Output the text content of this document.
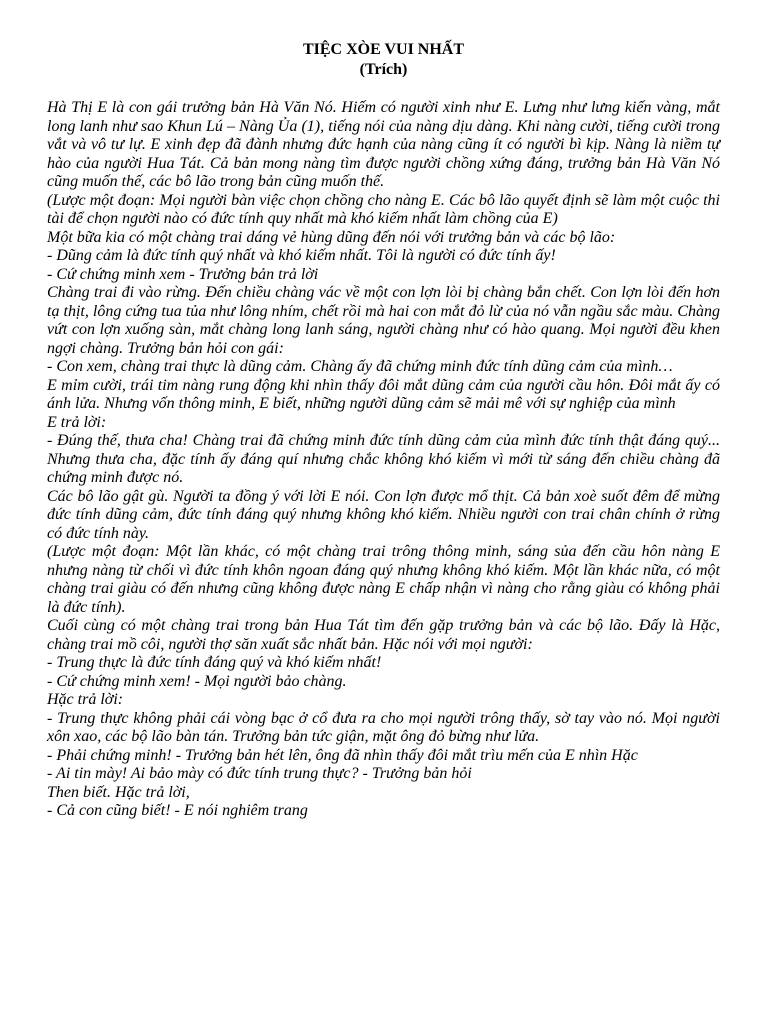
TIỆC XÒE VUI NHẤT
(Trích)

Hà Thị E là con gái trưởng bản Hà Văn Nó. Hiếm có người xinh như E. Lưng như lưng kiến vàng, mắt long lanh như sao Khun Lú – Nàng Ủa (1), tiếng nói của nàng dịu dàng. Khi nàng cười, tiếng cười trong vắt và vô tư lự. E xinh đẹp đã đành nhưng đức hạnh của nàng cũng ít có người bì kịp. Nàng là niềm tự hào của người Hua Tát. Cả bản mong nàng tìm được người chồng xứng đáng, trưởng bản Hà Văn Nó cũng muốn thế, các bô lão trong bản cũng muốn thế.

(Lược một đoạn: Mọi người bàn việc chọn chồng cho nàng E. Các bô lão quyết định sẽ làm một cuộc thi tài để chọn người nào có đức tính quy nhất mà khó kiếm nhất làm chồng của E)

Một bữa kia có một chàng trai dáng vẻ hùng dũng đến nói với trưởng bản và các bộ lão:

- Dũng cảm là đức tính quý nhất và khó kiếm nhất. Tôi là người có đức tính ấy!

- Cứ chứng minh xem - Trưởng bản trả lời

Chàng trai đi vào rừng. Đến chiều chàng vác về một con lợn lòi bị chàng bắn chết. Con lợn lòi đến hơn tạ thịt, lông cứng tua tủa như lông nhím, chết rồi mà hai con mắt đỏ lừ của nó vẫn ngầu sắc màu. Chàng vứt con lợn xuống sàn, mắt chàng long lanh sáng, người chàng như có hào quang. Mọi người đều khen ngợi chàng. Trưởng bản hỏi con gái:

- Con xem, chàng trai thực là dũng cảm. Chàng ấy đã chứng minh đức tính dũng cảm của mình…

E mỉm cười, trái tim nàng rung động khi nhìn thấy đôi mắt dũng cảm của người cầu hôn. Đôi mắt ấy có ánh lửa. Nhưng vốn thông minh, E biết, những người dũng cảm sẽ mải mê với sự nghiệp của mình

E trả lời:

- Đúng thế, thưa cha! Chàng trai đã chứng minh đức tính dũng cảm của mình đức tính thật đáng quý... Nhưng thưa cha, đặc tính ấy đáng quí nhưng chắc không khó kiếm vì mới từ sáng đến chiều chàng đã chứng minh được nó.

Các bô lão gật gù. Người ta đồng ý với lời E nói. Con lợn được mổ thịt. Cả bản xoè suốt đêm để mừng đức tính dũng cảm, đức tính đáng quý nhưng không khó kiếm. Nhiều người con trai chân chính ở rừng có đức tính này.

(Lược một đoạn: Một lần khác, có một chàng trai trông thông minh, sáng sủa đến cầu hôn nàng E nhưng nàng từ chối vì đức tính khôn ngoan đáng quý nhưng không khó kiếm. Một lần khác nữa, có một chàng trai giàu có đến nhưng cũng không được nàng E chấp nhận vì nàng cho rằng giàu có không phải là đức tính).

Cuối cùng có một chàng trai trong bản Hua Tát tìm đến gặp trưởng bản và các bộ lão. Đấy là Hặc, chàng trai mồ côi, người thợ săn xuất sắc nhất bản. Hặc nói với mọi người:

- Trung thực là đức tính đáng quý và khó kiếm nhất!

- Cứ chứng minh xem! - Mọi người bảo chàng.

Hặc trả lời:

- Trung thực không phải cái vòng bạc ở cổ đưa ra cho mọi người trông thấy, sờ tay vào nó. Mọi người xôn xao, các bộ lão bàn tán. Trưởng bản tức giận, mặt ông đỏ bừng như lửa.

- Phải chứng minh! - Trưởng bản hét lên, ông đã nhìn thấy đôi mắt trìu mến của E nhìn Hặc

- Ai tin mày! Ai bảo mày có đức tính trung thực? - Trưởng bản hỏi

Then biết. Hặc trả lời,

- Cả con cũng biết! - E nói nghiêm trang
